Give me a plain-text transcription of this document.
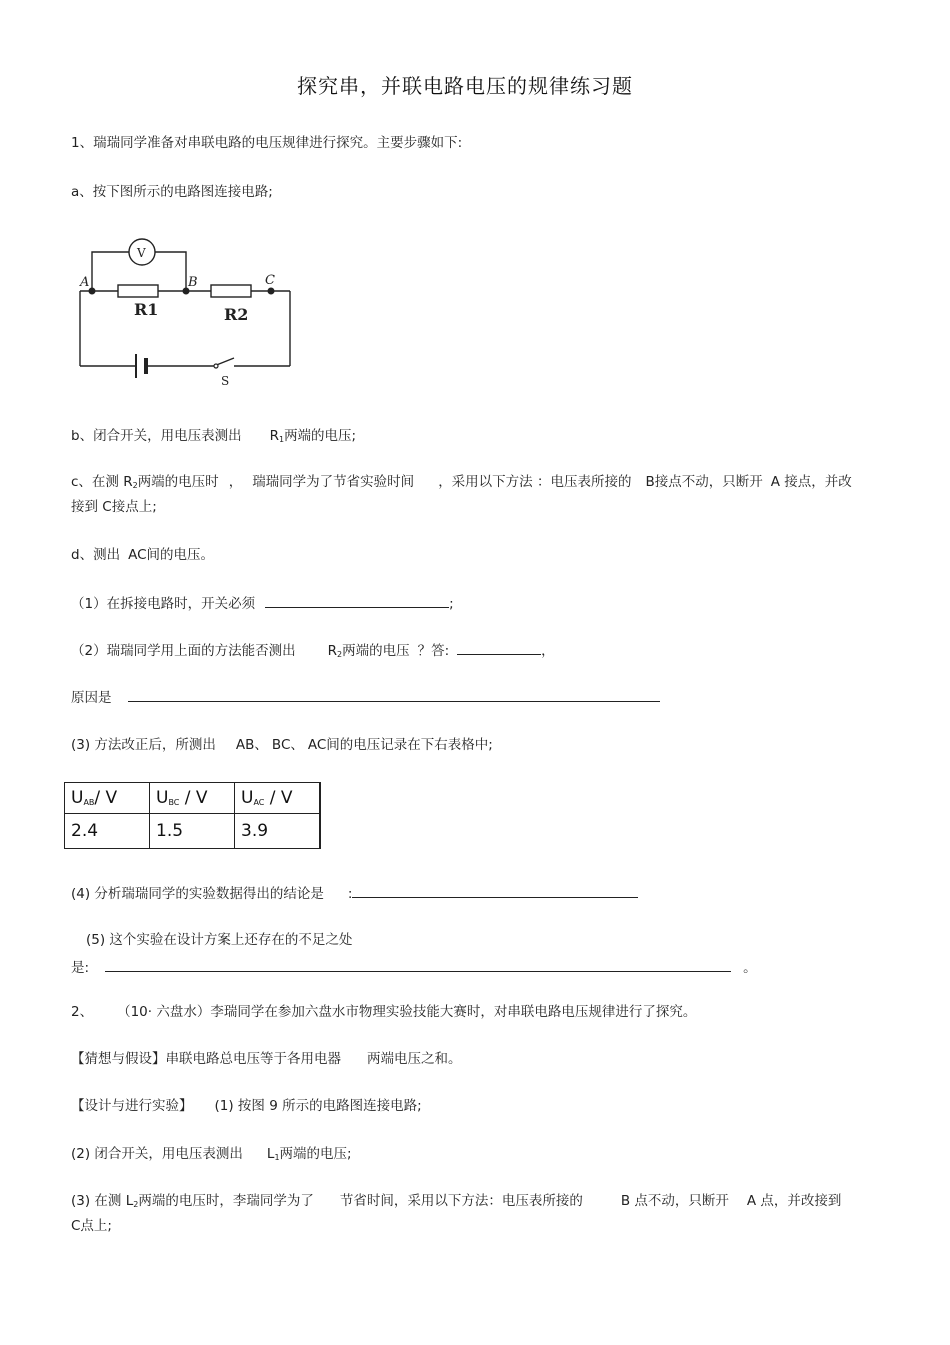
探究串，并联电路电压的规律练习题
1、瑞瑞同学准备对串联电路的电压规律进行探究。主要步骤如下:
a、按下图所示的电路图连接电路;
A	B	C
V
R1	R2
S
b、闭合开关，用电压表测出 $R_1$两端的电压;
c、在测 $R_2$两端的电压时 ， 瑞瑞同学为了节省实验时间 ，采用以下方法 ：电压表所接的 B接点不动，只断开 A 接点，并改
接到 C接点上;
d、测出 AC间的电压。
（1）在拆接电路时，开关必须	;
（2）瑞瑞同学用上面的方法能否测出 $R_2$两端的电压 ？答:	，
原因是
(3) 方法改正后，所测出 AB、 BC、 AC间的电压记录在下右表格中;
$U_{AB}/$ V	$U_{BC}$ / V	$U_{AC}$ / V
2.4	1.5	3.9
(4) 分析瑞瑞同学的实验数据得出的结论是 :
(5) 这个实验在设计方案上还存在的不足之处
是:	。
2、 （10· 六盘水）李瑞同学在参加六盘水市物理实验技能大赛时，对串联电路电压规律进行了探究。
【猜想与假设】串联电路总电压等于各用电器 两端电压之和。
【设计与进行实验】 (1) 按图 9 所示的电路图连接电路;
(2) 闭合开关，用电压表测出 $L_1$两端的电压;
(3) 在测 $L_2$两端的电压时，李瑞同学为了 节省时间，采用以下方法：电压表所接的	B 点不动，只断开 A 点，并改接到
C点上;
